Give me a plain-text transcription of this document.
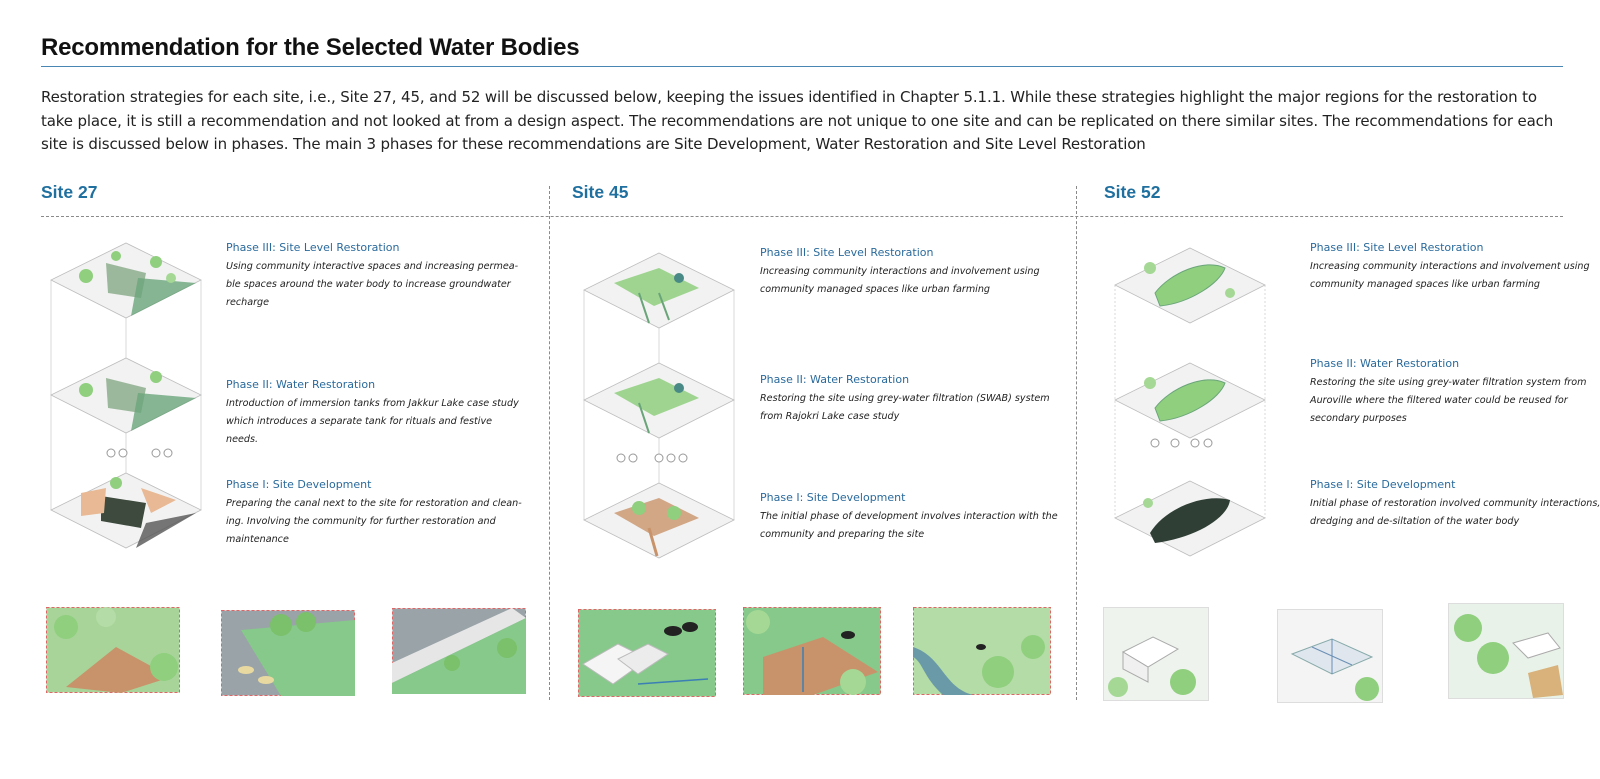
Recommendation for the Selected Water Bodies
Restoration strategies for each site, i.e., Site 27, 45, and 52 will be discussed below, keeping the issues identified in Chapter 5.1.1. While these strategies highlight the major regions for the restoration to take place, it is still a recommendation and not looked at from a design aspect. The recommendations are not unique to one site and can be replicated on there similar sites. The recommendations for each site is discussed below in phases. The main 3 phases for these recommendations are Site Development, Water Restoration and Site Level Restoration
Site 27	Site 45	Site 52
Phase III: Site Level Restoration
Using community interactive spaces and increasing permea-ble spaces around the water body to increase groundwater recharge
Phase II: Water Restoration
Introduction of immersion tanks from Jakkur Lake case study which introduces a separate tank for rituals and festive needs.
Phase I: Site Development
Preparing the canal next to the site for restoration and clean-ing. Involving the community for further restoration and maintenance
Phase III: Site Level Restoration
Increasing community interactions and involvement using community managed spaces like urban farming
Phase II: Water Restoration
Restoring the site using grey-water filtration (SWAB) system from Rajokri Lake case study
Phase I: Site Development
The initial phase of development involves interaction with the community and preparing the site
Phase III: Site Level Restoration
Increasing community interactions and involvement using community managed spaces like urban farming
Phase II: Water Restoration
Restoring the site using grey-water filtration system from Auroville where the filtered water could be reused for secondary purposes
Phase I: Site Development
Initial phase of restoration involved community interactions, dredging and de-siltation of the water body
